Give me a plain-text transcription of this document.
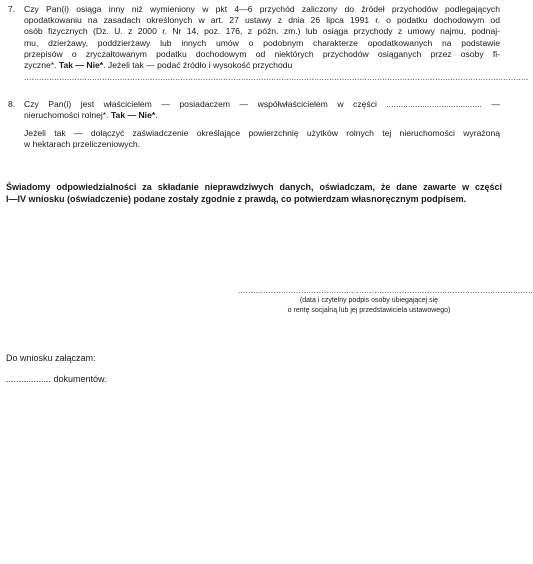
7. Czy Pan(i) osiąga inny niż wymieniony w pkt 4—6 przychód zaliczony do źródeł przychodów podlegających
opodatkowaniu na zasadach określonych w art. 27 ustawy z dnia 26 lipca 1991 r. o podatku dochodowym od
osób fizycznych (Dz. U. z 2000 r. Nr 14, poz. 176, z późn. zm.) lub osiąga przychody z umowy najmu, podnaj-
mu, dzierżawy, poddzierżawy lub innych umów o podobnym charakterze opodatkowanych na podstawie
przepisów o zryczałtowanym podatku dochodowym od niektórych przychodów osiąganych przez osoby fi-
zyczne*. Tak — Nie*. Jeżeli tak — podać źródło i wysokość przychodu
........................................................................................................................................................................................................
8. Czy Pan(i) jest właścicielem — posiadaczem — współwłaścicielem w części ........................................ —
nieruchomości rolnej*. Tak — Nie*.
Jeżeli tak — dołączyć zaświadczenie określające powierzchnię użytków rolnych tej nieruchomości wyrażoną
w hektarach przeliczeniowych.
Świadomy odpowiedzialności za składanie nieprawdziwych danych, oświadczam, że dane zawarte w części
I—IV wniosku (oświadczenie) podane zostały zgodnie z prawdą, co potwierdzam własnoręcznym podpisem.
.....................................................................................................................
(data i czytelny podpis osoby ubiegającej się
o rentę socjalną lub jej przedstawiciela ustawowego)
Do wniosku załączam:
.................. dokumentów.
